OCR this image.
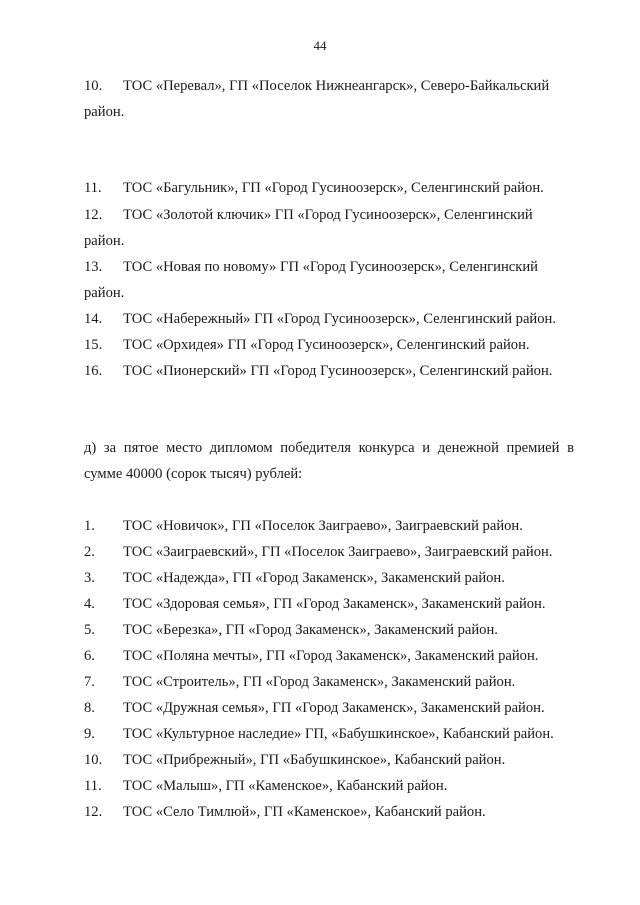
44
10. ТОС «Перевал», ГП «Поселок Нижнеангарск», Северо-Байкальский
район.
11. ТОС «Багульник», ГП «Город Гусиноозерск», Селенгинский район.
12. ТОС «Золотой ключик» ГП «Город Гусиноозерск», Селенгинский
район.
13. ТОС «Новая по новому» ГП «Город Гусиноозерск», Селенгинский
район.
14. ТОС «Набережный» ГП «Город Гусиноозерск», Селенгинский район.
15. ТОС «Орхидея» ГП «Город Гусиноозерск», Селенгинский район.
16. ТОС «Пионерский» ГП «Город Гусиноозерск», Селенгинский район.
д) за пятое место дипломом победителя конкурса и денежной премией в
сумме 40000 (сорок тысяч) рублей:
1. ТОС «Новичок», ГП «Поселок Заиграево», Заиграевский район.
2. ТОС «Заиграевский», ГП «Поселок Заиграево», Заиграевский район.
3. ТОС «Надежда», ГП «Город Закаменск», Закаменский район.
4. ТОС «Здоровая семья», ГП «Город Закаменск», Закаменский район.
5. ТОС «Березка», ГП «Город Закаменск», Закаменский район.
6. ТОС «Поляна мечты», ГП «Город Закаменск», Закаменский район.
7. ТОС «Строитель», ГП «Город Закаменск», Закаменский район.
8. ТОС «Дружная семья», ГП «Город Закаменск», Закаменский район.
9. ТОС «Культурное наследие» ГП, «Бабушкинское», Кабанский район.
10. ТОС «Прибрежный», ГП «Бабушкинское», Кабанский район.
11. ТОС «Малыш», ГП «Каменское», Кабанский район.
12. ТОС «Село Тимлюй», ГП «Каменское», Кабанский район.
